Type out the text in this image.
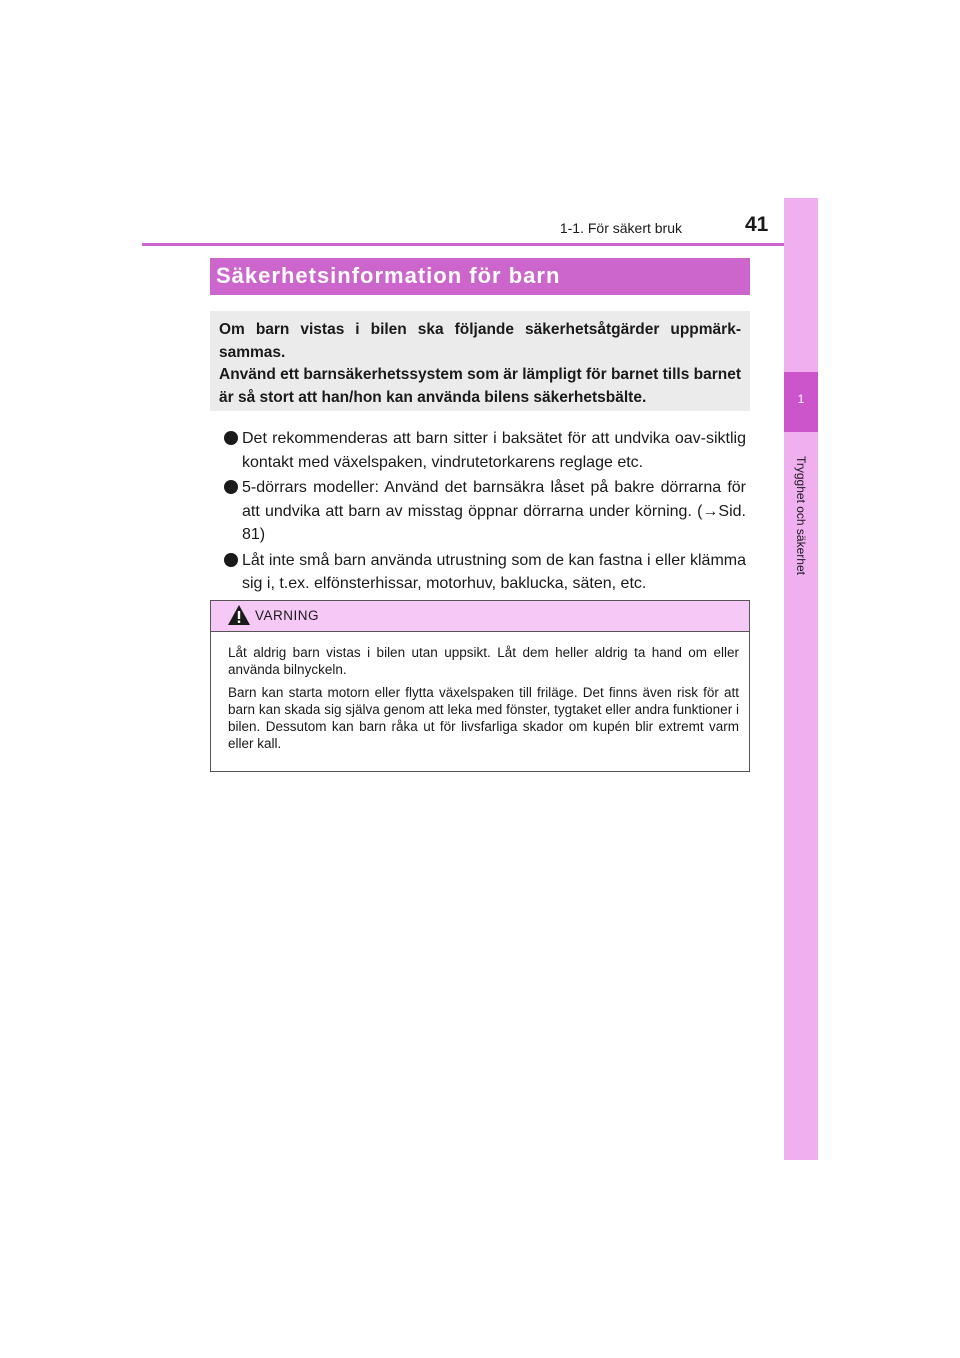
1-1. För säkert bruk	41
1
Trygghet och säkerhet
Säkerhetsinformation för barn

Om barn vistas i bilen ska följande säkerhetsåtgärder uppmärk-sammas.

Använd ett barnsäkerhetssystem som är lämpligt för barnet tills barnet är så stort att han/hon kan använda bilens säkerhetsbälte.

Det rekommenderas att barn sitter i baksätet för att undvika oav-siktlig kontakt med växelspaken, vindrutetorkarens reglage etc.
5-dörrars modeller: Använd det barnsäkra låset på bakre dörrarna för att undvika att barn av misstag öppnar dörrarna under körning. (→Sid. 81)
Låt inte små barn använda utrustning som de kan fastna i eller klämma sig i, t.ex. elfönsterhissar, motorhuv, baklucka, säten, etc.
VARNING

Låt aldrig barn vistas i bilen utan uppsikt. Låt dem heller aldrig ta hand om eller använda bilnyckeln.

Barn kan starta motorn eller flytta växelspaken till friläge. Det finns även risk för att barn kan skada sig själva genom att leka med fönster, tygtaket eller andra funktioner i bilen. Dessutom kan barn råka ut för livsfarliga skador om kupén blir extremt varm eller kall.
